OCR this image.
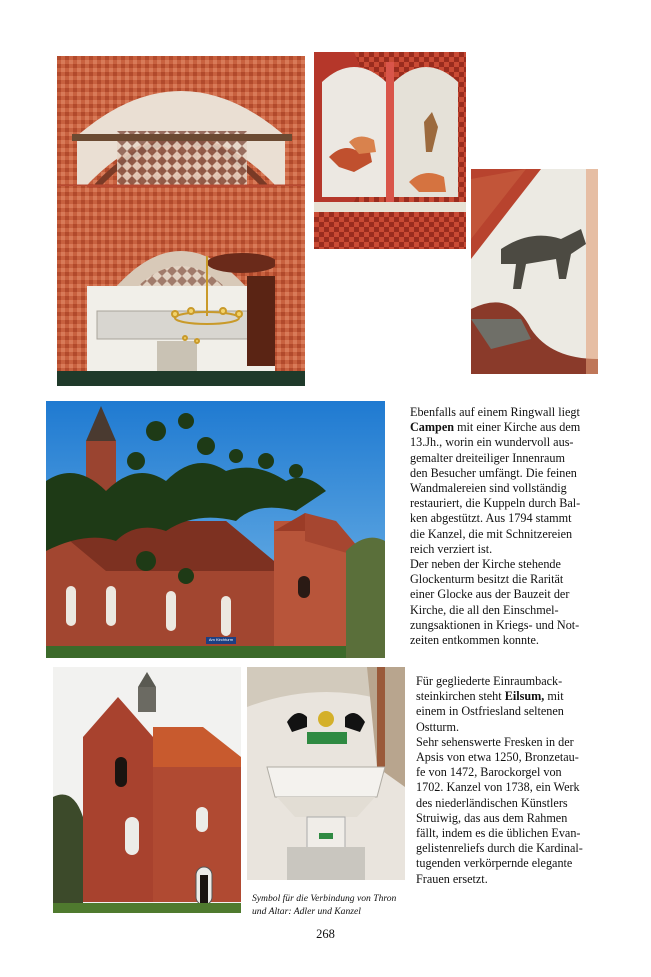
Am Kirchturm

Ebenfalls auf einem Ringwall liegt

Campen mit einer Kirche aus dem

13.Jh., worin ein wundervoll aus-

gemalter dreiteiliger Innenraum

den Besucher umfängt. Die feinen

Wandmalereien sind vollständig

restauriert, die Kuppeln durch Bal-

ken abgestützt. Aus 1794 stammt

die Kanzel, die mit Schnitzereien

reich verziert ist.

Der neben der Kirche stehende

Glockenturm besitzt die Rarität

einer Glocke aus der Bauzeit der

Kirche, die all den Einschmel-

zungsaktionen in Kriegs- und Not-

zeiten entkommen konnte.

Für gegliederte Einraumback-

steinkirchen steht Eilsum, mit

einem in Ostfriesland seltenen

Ostturm.

Sehr sehenswerte Fresken in der

Apsis von etwa 1250, Bronzetau-

fe von 1472, Barockorgel von

1702. Kanzel von 1738, ein Werk

des niederländischen Künstlers

Struiwig, das aus dem Rahmen

fällt, indem es die üblichen Evan-

gelistenreliefs durch die Kardinal-

tugenden verkörpernde elegante

Frauen ersetzt.

Symbol für die Verbindung von Thron
und Altar: Adler und Kanzel
268
